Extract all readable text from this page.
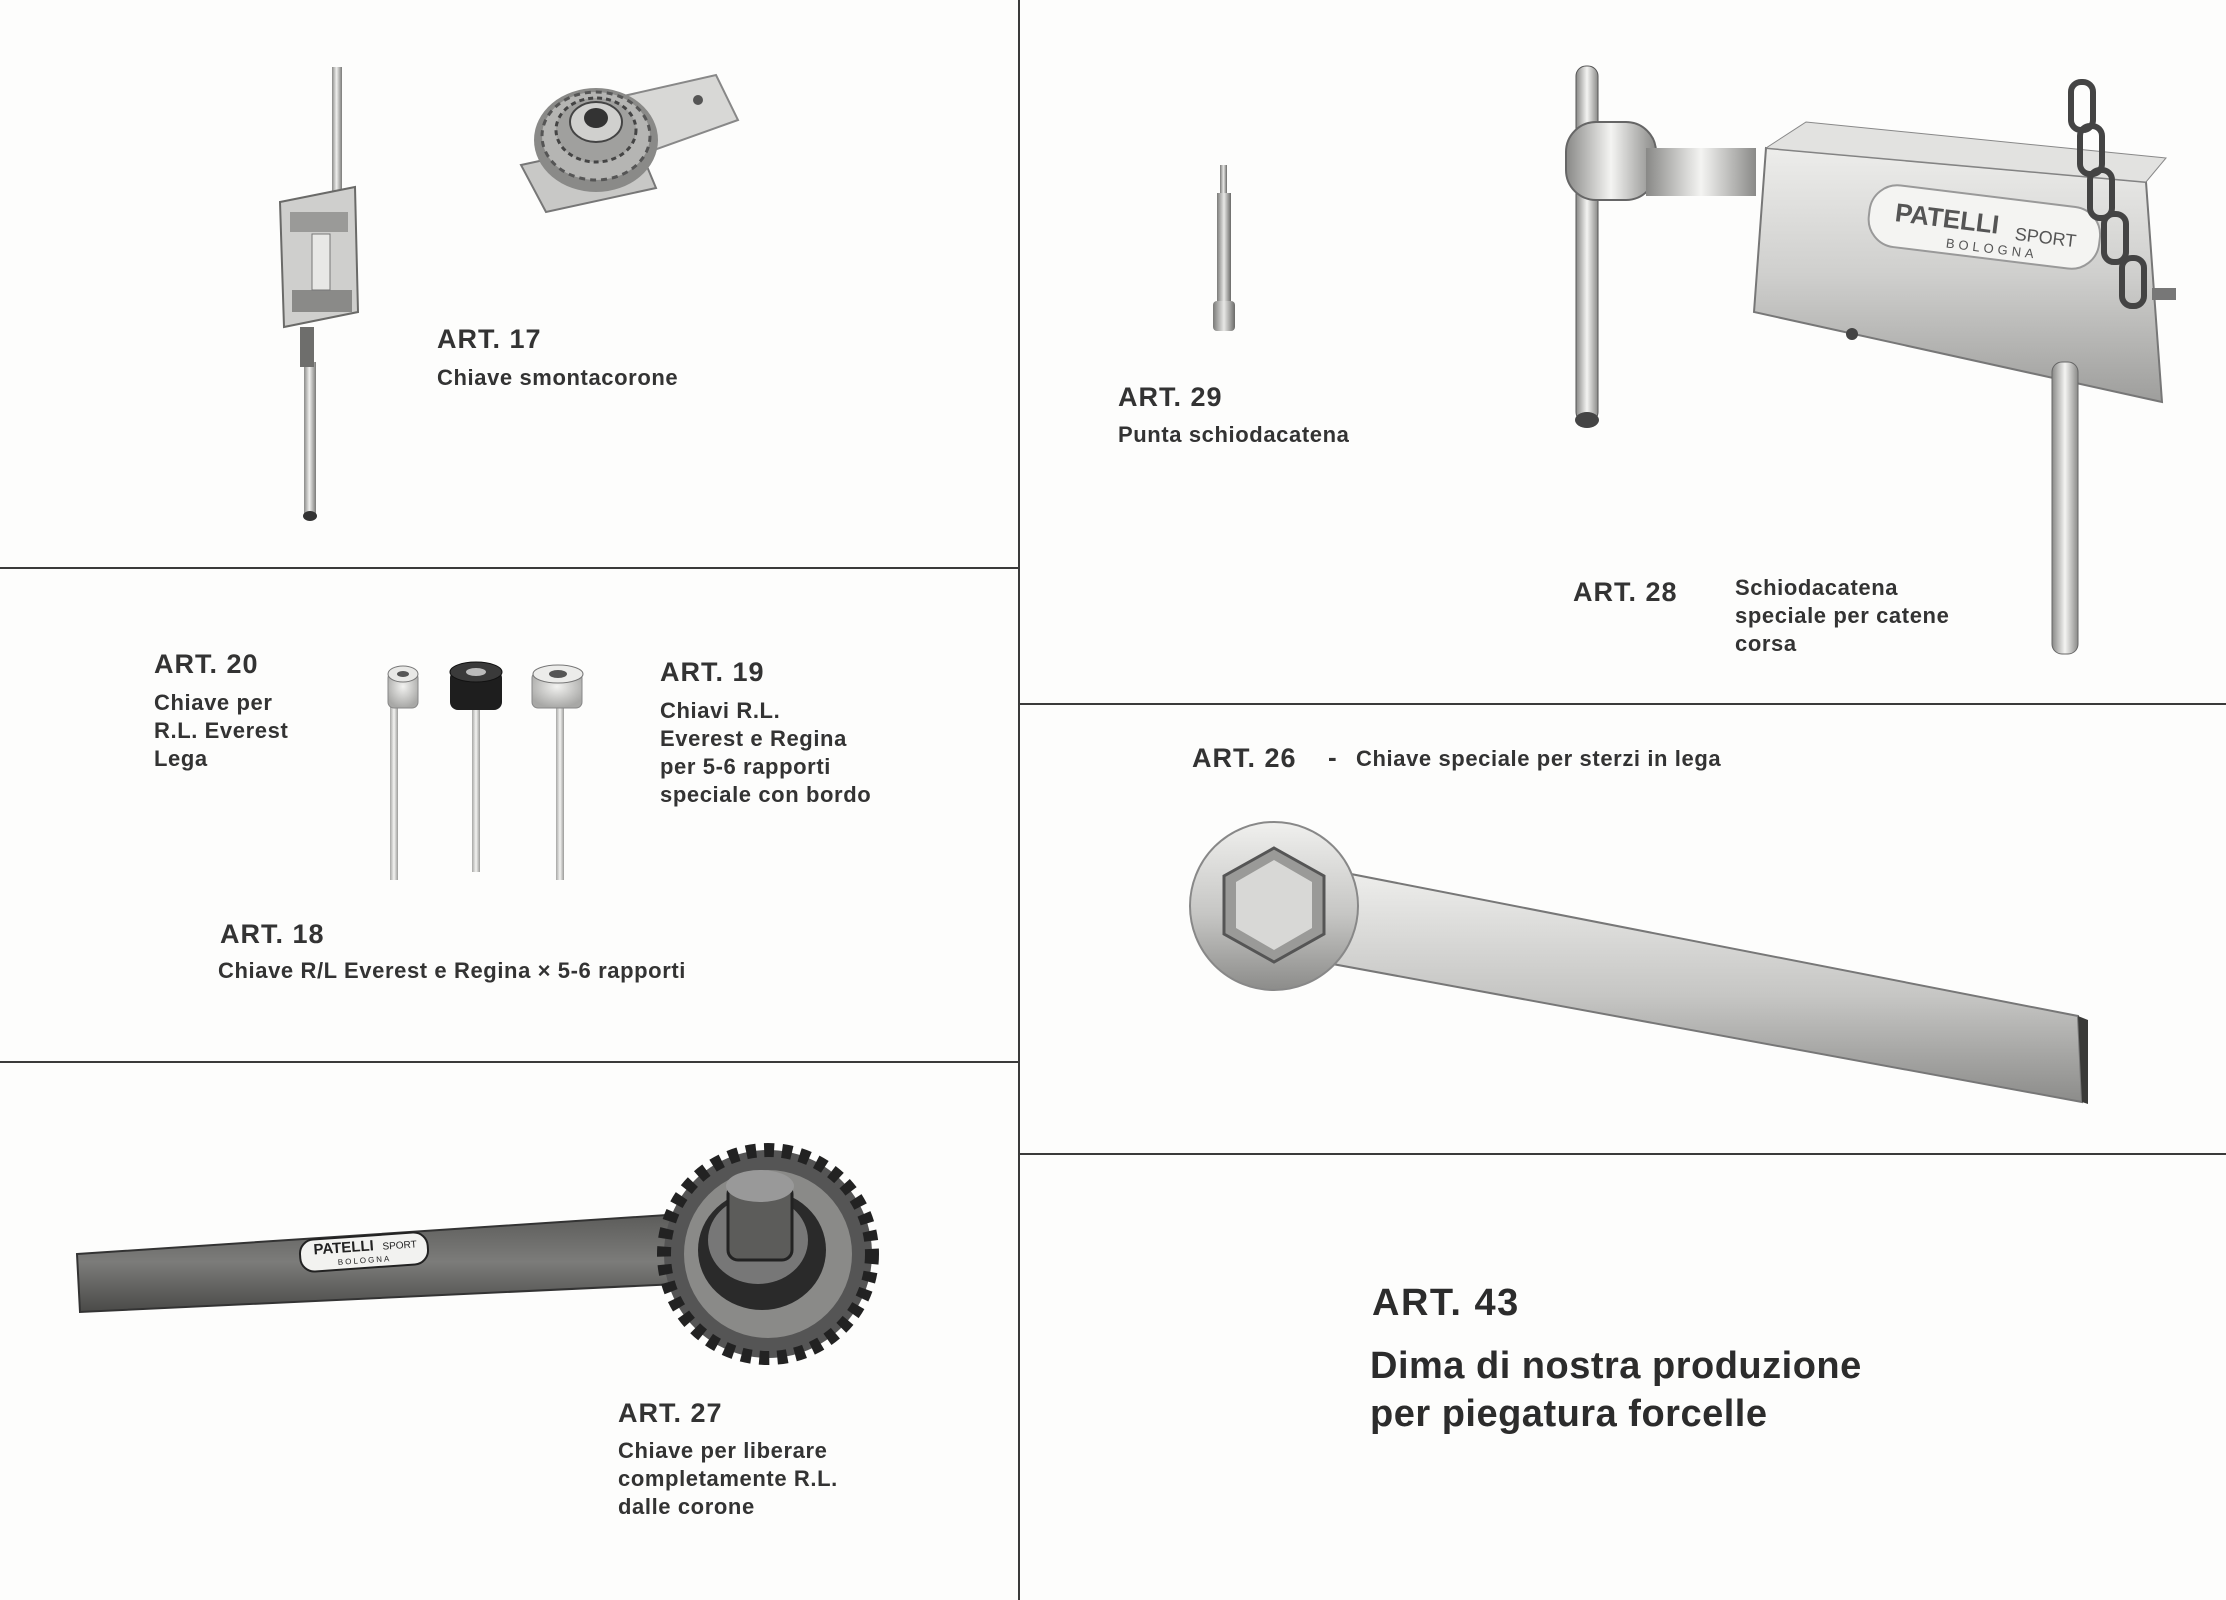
ART. 17
Chiave smontacorone
ART. 20
Chiave per
R.L. Everest
Lega
ART. 19
Chiavi R.L.
Everest e Regina
per 5-6 rapporti
speciale con bordo
ART. 18
Chiave R/L Everest e Regina × 5-6 rapporti
PATELLI SPORT
BOLOGNA
ART. 27
Chiave per liberare
completamente R.L.
dalle corone
ART. 29
Punta schiodacatena
PATELLI SPORT
BOLOGNA
ART. 28	Schiodacatena
speciale per catene
corsa
ART. 26 - Chiave speciale per sterzi in lega
ART. 43
Dima di nostra produzione
per piegatura forcelle
